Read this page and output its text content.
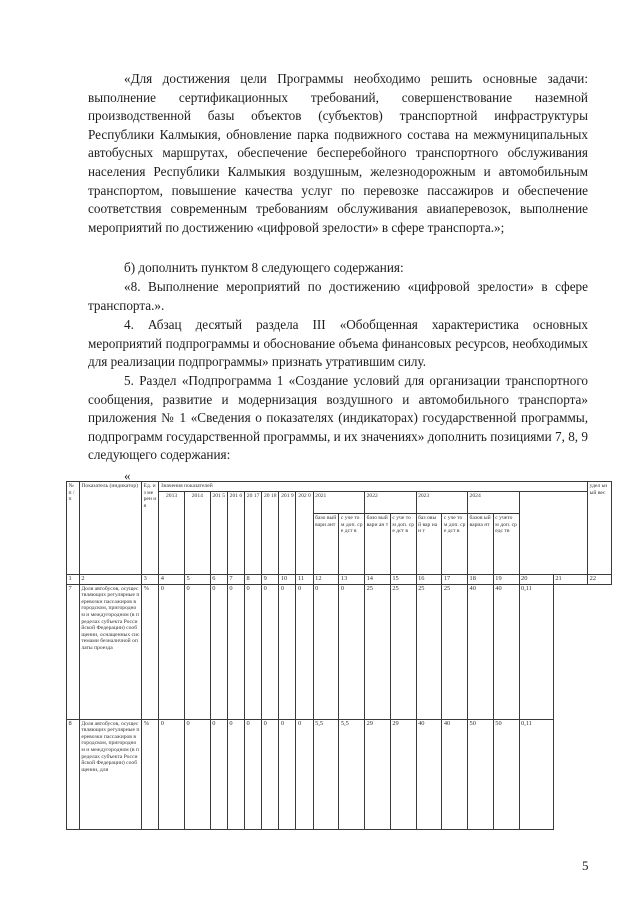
«Для достижения цели Программы необходимо решить основные задачи: выполнение сертификационных требований, совершенствование наземной производственной базы объектов (субъектов) транспортной инфраструктуры Республики Калмыкия, обновление парка подвижного состава на межмуниципальных автобусных маршрутах, обеспечение бесперебойного транспортного обслуживания населения Республики Калмыкия воздушным, железнодорожным и автомобильным транспортом, повышение качества услуг по перевозке пассажиров и обеспечение соответствия современным требованиям обслуживания авиаперевозок, выполнение мероприятий по достижению «цифровой зрелости» в сфере транспорта.»;

б) дополнить пунктом 8 следующего содержания:

«8. Выполнение мероприятий по достижению «цифровой зрелости» в сфере транспорта.».

4. Абзац десятый раздела III «Обобщенная характеристика основных мероприятий подпрограммы и обоснование объема финансовых ресурсов, необходимых для реализации подпрограммы» признать утратившим силу.

5. Раздел «Подпрограмма 1 «Создание условий для организации транспортного сообщения, развитие и модернизация воздушного и автомобильного транспорта» приложения № 1 «Сведения о показателях (индикаторах) государственной программы, подпрограмм государственной программы, и их значениях» дополнить позициями 7, 8, 9 следующего содержания:

«
№ п / п	Показатель (индикатор)	Ед. из ме рен ия	Значения показателей																		удел ьный вес
			2013	2014	201 5	201 6	20 17	20 18	201 9	202 0	2021		2022		2023		2024				
											базо вый вари ант	с уче том доп. сре дст в	базо вый вари ан т	с уче том доп. сре дст в	баз овы й вар иан т	с уче том доп. сре дст в	базов ый вариа нт	с учето м доп. средс тв			
1	2	3	4	5	6	7	8	9	10	11	12	13	14	15	16	17	18	19	20	21	22
7	Доля автобусов, осуществляющих регулярные перевозки пассажиров в городском, пригородном и междугородном (в пределах субъекта Российской Федерации) сообщении, оснащенных системами безналичной оплаты проезда	%	0	0	0	0	0	0	0	0	0	0	25	25	25	25	40	40	0,11		
8	Доля автобусов, осуществляющих регулярные перевозки пассажиров в городском, пригородном и междугородном (в пределах субъекта Российской Федерации) сообщении, для	%	0	0	0	0	0	0	0	0	5,5	5,5	29	29	40	40	50	50	0,11		
5
